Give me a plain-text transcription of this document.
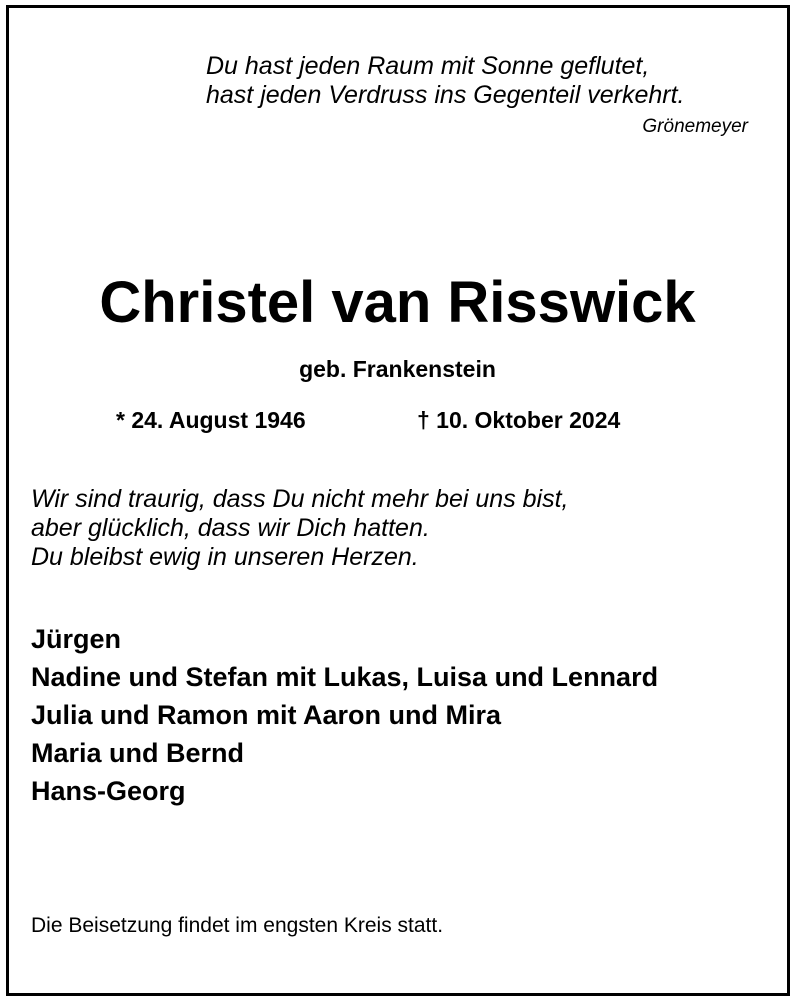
Du hast jeden Raum mit Sonne geflutet,
hast jeden Verdruss ins Gegenteil verkehrt.
Grönemeyer
Christel van Risswick
geb. Frankenstein
* 24. August 1946	† 10. Oktober 2024
Wir sind traurig, dass Du nicht mehr bei uns bist,
aber glücklich, dass wir Dich hatten.
Du bleibst ewig in unseren Herzen.
Jürgen
Nadine und Stefan mit Lukas, Luisa und Lennard
Julia und Ramon mit Aaron und Mira
Maria und Bernd
Hans-Georg
Die Beisetzung findet im engsten Kreis statt.
